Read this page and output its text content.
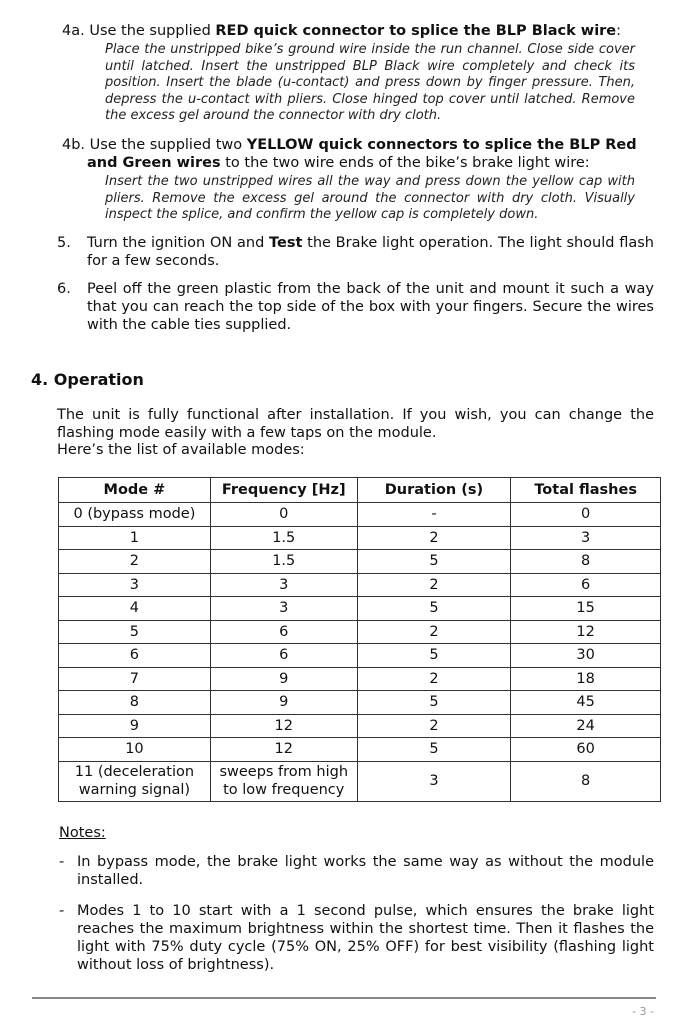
4a. Use the supplied RED quick connector to splice the BLP Black wire:
Place the unstripped bike’s ground wire inside the run channel. Close side cover until latched. Insert the unstripped BLP Black wire completely and check its position. Insert the blade (u-contact) and press down by finger pressure. Then, depress the u-contact with pliers. Close hinged top cover until latched. Remove the excess gel around the connector with dry cloth.
4b. Use the supplied two YELLOW quick connectors to splice the BLP Red and Green wires to the two wire ends of the bike’s brake light wire:
Insert the two unstripped wires all the way and press down the yellow cap with pliers. Remove the excess gel around the connector with dry cloth. Visually inspect the splice, and confirm the yellow cap is completely down.
5. Turn the ignition ON and Test the Brake light operation. The light should flash for a few seconds.
6. Peel off the green plastic from the back of the unit and mount it such a way that you can reach the top side of the box with your fingers. Secure the wires with the cable ties supplied.
4. Operation
The unit is fully functional after installation. If you wish, you can change the flashing mode easily with a few taps on the module.
Here’s the list of available modes:
Mode #	Frequency [Hz]	Duration (s)	Total flashes
0 (bypass mode)	0	-	0
1	1.5	2	3
2	1.5	5	8
3	3	2	6
4	3	5	15
5	6	2	12
6	6	5	30
7	9	2	18
8	9	5	45
9	12	2	24
10	12	5	60
11 (deceleration warning signal)	sweeps from high to low frequency	3	8
Notes:
- In bypass mode, the brake light works the same way as without the module installed.
- Modes 1 to 10 start with a 1 second pulse, which ensures the brake light reaches the maximum brightness within the shortest time. Then it flashes the light with 75% duty cycle (75% ON, 25% OFF) for best visibility (flashing light without loss of brightness).
- 3 -
